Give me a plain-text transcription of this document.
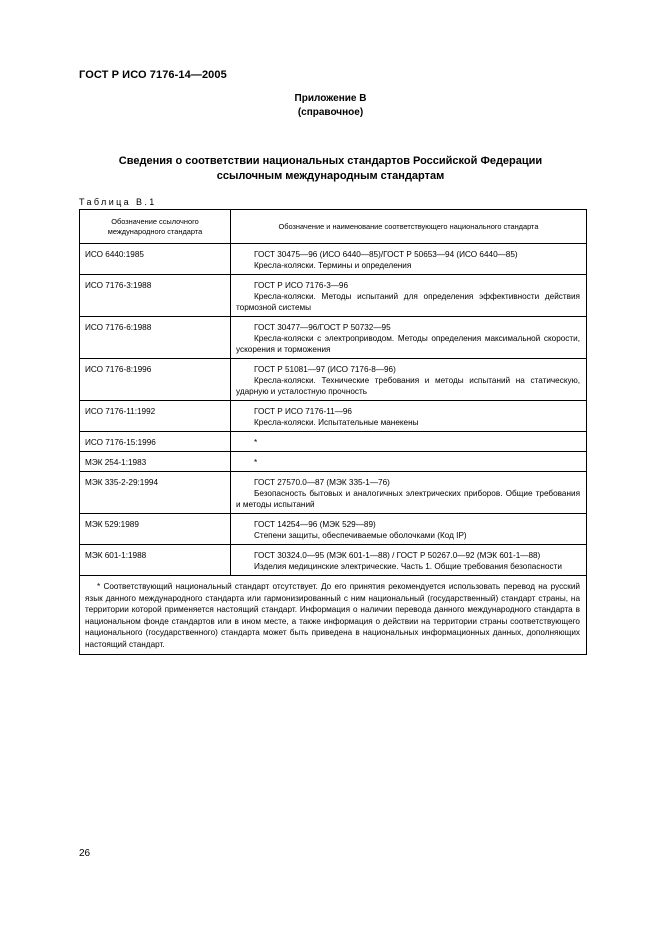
ГОСТ Р ИСО 7176-14—2005
Приложение В
(справочное)
Сведения о соответствии национальных стандартов Российской Федерации
ссылочным международным стандартам
Таблица В.1
Обозначение ссылочного международного стандарта	Обозначение и наименование соответствующего национального стандарта
ИСО 6440:1985	ГОСТ 30475—96 (ИСО 6440—85)/ГОСТ Р 50653—94 (ИСО 6440—85)
Кресла-коляски. Термины и определения

ИСО 7176-3:1988	ГОСТ Р ИСО 7176-3—96
Кресла-коляски. Методы испытаний для определения эффективности действия тормозной системы

ИСО 7176-6:1988	ГОСТ 30477—96/ГОСТ Р 50732—95
Кресла-коляски с электроприводом. Методы определения максимальной скорости, ускорения и торможения

ИСО 7176-8:1996	ГОСТ Р 51081—97 (ИСО 7176-8—96)
Кресла-коляски. Технические требования и методы испытаний на статическую, ударную и усталостную прочность

ИСО 7176-11:1992	ГОСТ Р ИСО 7176-11—96
Кресла-коляски. Испытательные манекены

ИСО 7176-15:1996	*

МЭК 254-1:1983	*

МЭК 335-2-29:1994	ГОСТ 27570.0—87 (МЭК 335-1—76)
Безопасность бытовых и аналогичных электрических приборов. Общие требования и методы испытаний

МЭК 529:1989	ГОСТ 14254—96 (МЭК 529—89)
Степени защиты, обеспечиваемые оболочками (Код IP)

МЭК 601-1:1988	ГОСТ 30324.0—95 (МЭК 601-1—88) / ГОСТ Р 50267.0—92 (МЭК 601-1—88)
Изделия медицинские электрические. Часть 1. Общие требования безопасности

* Соответствующий национальный стандарт отсутствует. До его принятия рекомендуется использовать перевод на русский язык данного международного стандарта или гармонизированный с ним национальный (государственный) стандарт страны, на территории которой применяется настоящий стандарт. Информация о наличии перевода данного международного стандарта в национальном фонде стандартов или в ином месте, а также информация о действии на территории страны соответствующего национального (государственного) стандарта может быть приведена в национальных информационных данных, дополняющих настоящий стандарт.	
26
